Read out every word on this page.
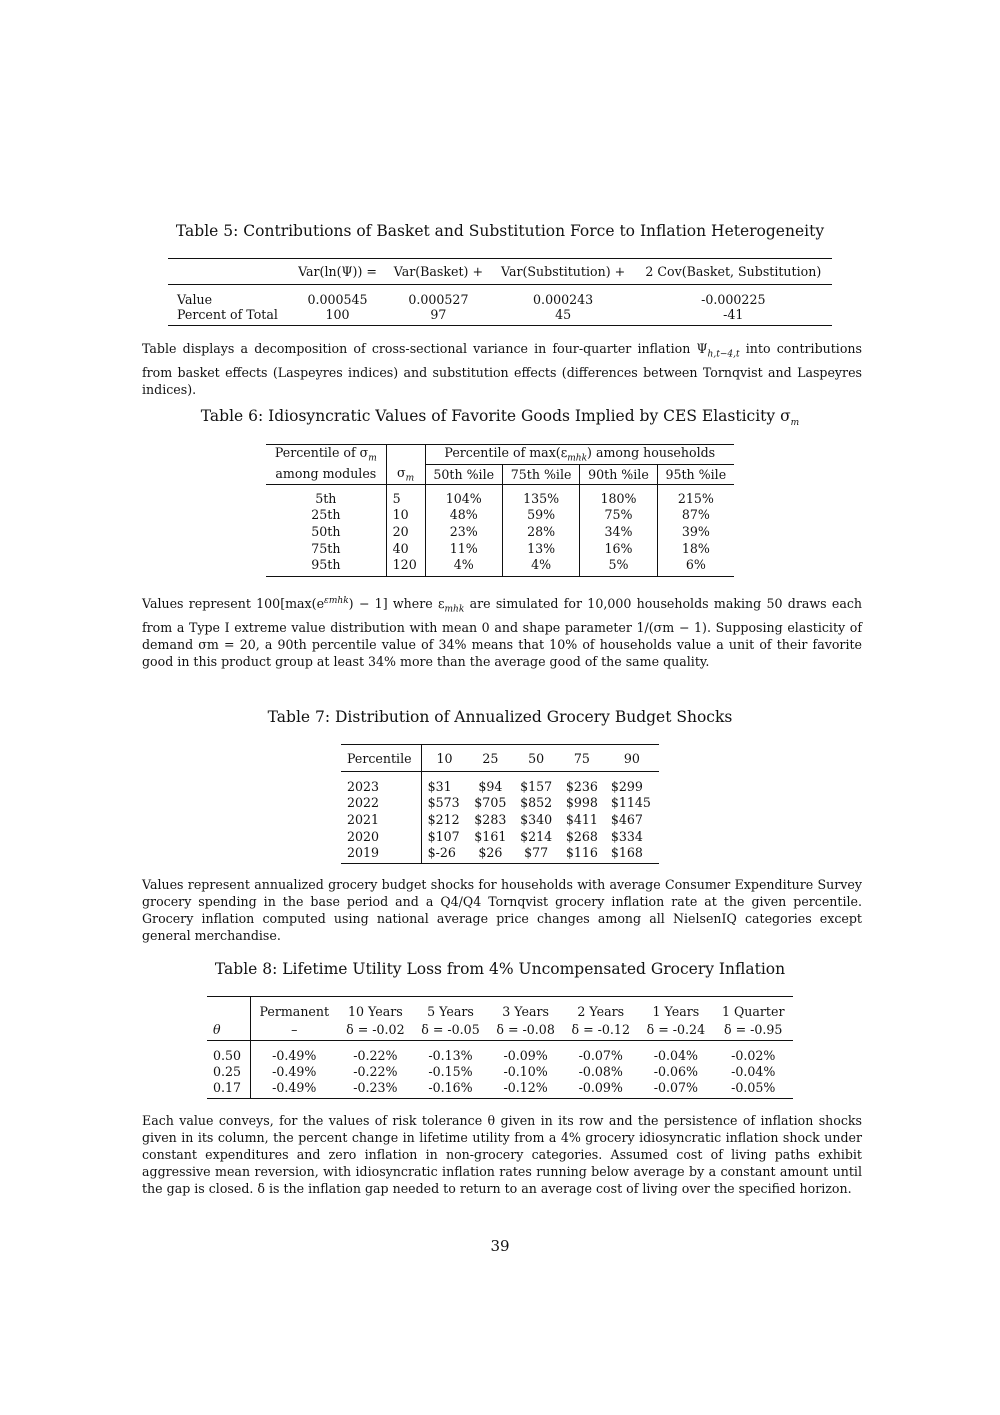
Table 5: Contributions of Basket and Substitution Force to Inflation Heterogeneity
	Var(ln(Ψ)) =	Var(Basket) +	Var(Substitution) +	2 Cov(Basket, Substitution)
Value	0.000545	0.000527	0.000243	-0.000225
Percent of Total	100	97	45	-41
Table displays a decomposition of cross-sectional variance in four-quarter inflation $\Psi_{h,t-4,t}$ into contributions from basket effects (Laspeyres indices) and substitution effects (differences between Tornqvist and Laspeyres indices).
Table 6: Idiosyncratic Values of Favorite Goods Implied by CES Elasticity $\sigma_m$
Percentile of $\sigma_m$		Percentile of $\max(\varepsilon_{mhk})$ among households			
among modules	$\sigma_m$	50th %ile	75th %ile	90th %ile	95th %ile
5th	5	104%	135%	180%	215%
25th	10	48%	59%	75%	87%
50th	20	23%	28%	34%	39%
75th	40	11%	13%	16%	18%
95th	120	4%	4%	5%	6%
Values represent $100[\max(e^{\varepsilon mhk}) - 1]$ where $\varepsilon_{mhk}$ are simulated for 10,000 households making 50 draws each from a Type I extreme value distribution with mean 0 and shape parameter 1/(σm − 1). Supposing elasticity of demand σm = 20, a 90th percentile value of 34% means that 10% of households value a unit of their favorite good in this product group at least 34% more than the average good of the same quality.
Table 7: Distribution of Annualized Grocery Budget Shocks
Percentile	10	25	50	75	90
2023	$31	$94	$157	$236	$299
2022	$573	$705	$852	$998	$1145
2021	$212	$283	$340	$411	$467
2020	$107	$161	$214	$268	$334
2019	$-26	$26	$77	$116	$168
Values represent annualized grocery budget shocks for households with average Consumer Expenditure Survey grocery spending in the base period and a Q4/Q4 Tornqvist grocery inflation rate at the given percentile. Grocery inflation computed using national average price changes among all NielsenIQ categories except general merchandise.
Table 8: Lifetime Utility Loss from 4% Uncompensated Grocery Inflation
	Permanent	10 Years	5 Years	3 Years	2 Years	1 Years	1 Quarter
θ	–	δ = -0.02	δ = -0.05	δ = -0.08	δ = -0.12	δ = -0.24	δ = -0.95
0.50	-0.49%	-0.22%	-0.13%	-0.09%	-0.07%	-0.04%	-0.02%
0.25	-0.49%	-0.22%	-0.15%	-0.10%	-0.08%	-0.06%	-0.04%
0.17	-0.49%	-0.23%	-0.16%	-0.12%	-0.09%	-0.07%	-0.05%
Each value conveys, for the values of risk tolerance θ given in its row and the persistence of inflation shocks given in its column, the percent change in lifetime utility from a 4% grocery idiosyncratic inflation shock under constant expenditures and zero inflation in non-grocery categories. Assumed cost of living paths exhibit aggressive mean reversion, with idiosyncratic inflation rates running below average by a constant amount until the gap is closed. δ is the inflation gap needed to return to an average cost of living over the specified horizon.
39
